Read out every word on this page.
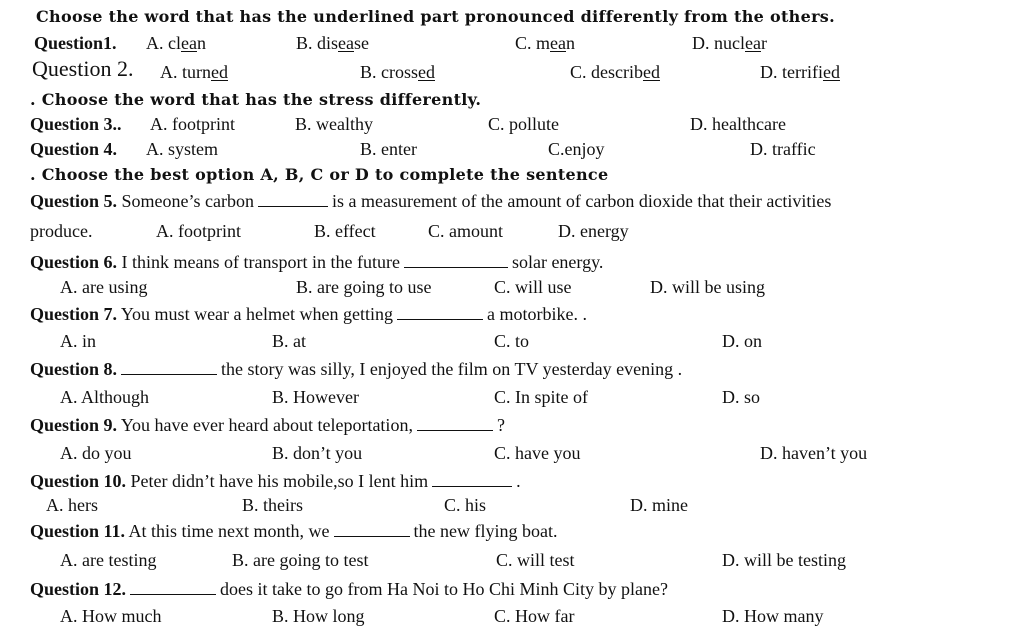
Choose the word that has the underlined part pronounced differently from the others.
Question1. A. clean	B. disease	C. mean	D. nuclear
Question 2. A. turned	B. crossed	C. described	D. terrified
. Choose the word that has the stress differently.
Question 3.. A. footprint	B. wealthy	C. pollute	D. healthcare
Question 4. A. system	B. enter	C.enjoy	D. traffic
. Choose the best option A, B, C or D to complete the sentence
Question 5. Someone’s carbon	is a measurement of the amount of carbon dioxide that their activities
produce.	A. footprint	B. effect	C. amount	D. energy
Question 6. I think means of transport in the future	solar energy.
A. are using	B. are going to use	C. will use	D. will be using
Question 7. You must wear a helmet when getting	a motorbike. .
A. in	B. at	C. to	D. on
Question 8.	the story was silly, I enjoyed the film on TV yesterday evening .
A. Although	B. However	C. In spite of	D. so
Question 9. You have ever heard about teleportation,	?
A. do you	B. don’t you	C. have you	D. haven’t you
Question 10. Peter didn’t have his mobile,so I lent him	.
A. hers	B. theirs	C. his	D. mine
Question 11. At this time next month, we	the new flying boat.
A. are testing	B. are going to test	C. will test	D. will be testing
Question 12.	does it take to go from Ha Noi to Ho Chi Minh City by plane?
A. How much	B. How long	C. How far	D. How many
